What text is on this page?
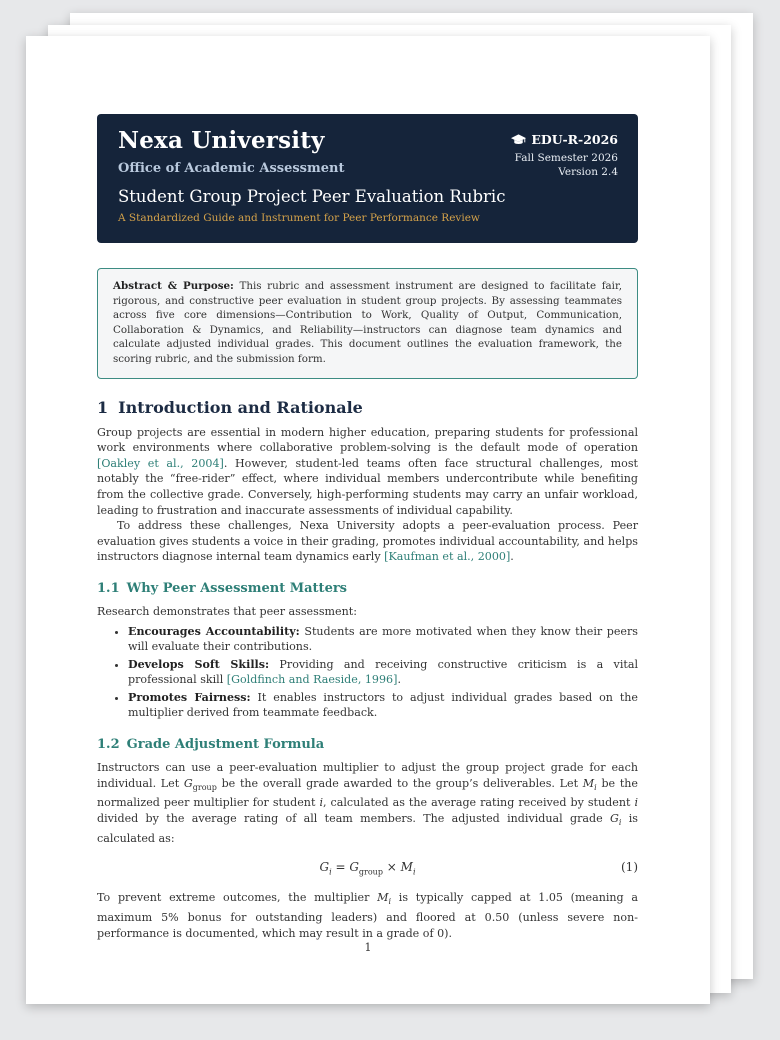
Nexa University
Office of Academic Assessment
Student Group Project Peer Evaluation Rubric
A Standardized Guide and Instrument for Peer Performance Review
EDU-R-2026
Fall Semester 2026
Version 2.4
Abstract & Purpose: This rubric and assessment instrument are designed to facilitate fair, rigorous, and constructive peer evaluation in student group projects. By assessing teammates across five core dimensions—Contribution to Work, Quality of Output, Communication, Collaboration & Dynamics, and Reliability—instructors can diagnose team dynamics and calculate adjusted individual grades. This document outlines the evaluation framework, the scoring rubric, and the submission form.
1 Introduction and Rationale

Group projects are essential in modern higher education, preparing students for professional work environments where collaborative problem-solving is the default mode of operation [Oakley et al., 2004]. However, student-led teams often face structural challenges, most notably the “free-rider” effect, where individual members undercontribute while benefiting from the collective grade. Conversely, high-performing students may carry an unfair workload, leading to frustration and inaccurate assessments of individual capability.

To address these challenges, Nexa University adopts a peer-evaluation process. Peer evaluation gives students a voice in their grading, promotes individual accountability, and helps instructors diagnose internal team dynamics early [Kaufman et al., 2000].

1.1 Why Peer Assessment Matters

Research demonstrates that peer assessment:

• Encourages Accountability: Students are more motivated when they know their peers will evaluate their contributions.
• Develops Soft Skills: Providing and receiving constructive criticism is a vital professional skill [Goldfinch and Raeside, 1996].
• Promotes Fairness: It enables instructors to adjust individual grades based on the multiplier derived from teammate feedback.
1.2 Grade Adjustment Formula

Instructors can use a peer-evaluation multiplier to adjust the group project grade for each individual. Let $G_{group}$ be the overall grade awarded to the group’s deliverables. Let $M_i$ be the normalized peer multiplier for student i, calculated as the average rating received by student i divided by the average rating of all team members. The adjusted individual grade $G_i$ is calculated as:

$G_i = G_{group} \times M_i$	(1)

To prevent extreme outcomes, the multiplier $M_i$ is typically capped at 1.05 (meaning a maximum 5% bonus for outstanding leaders) and floored at 0.50 (unless severe non-performance is documented, which may result in a grade of 0).

1
